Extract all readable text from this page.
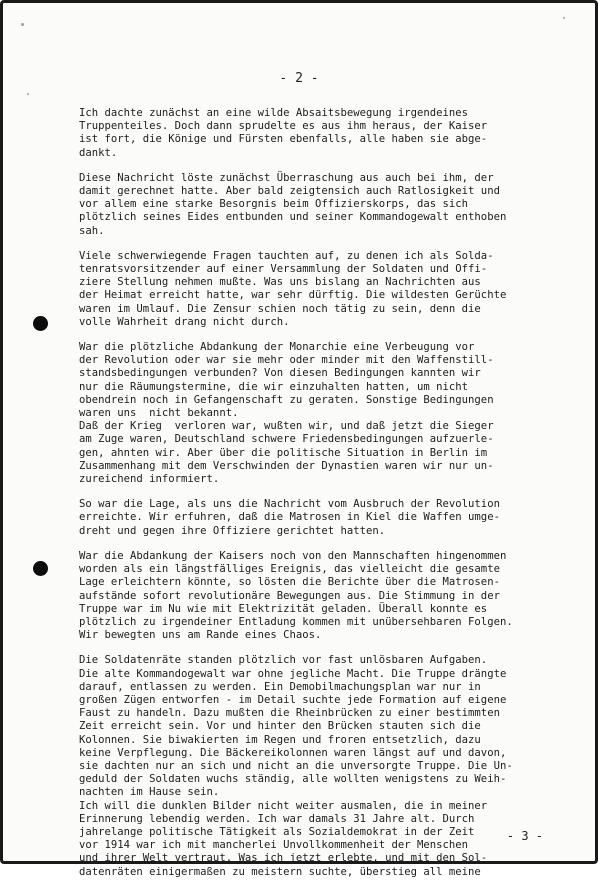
- 2 -
Ich dachte zunächst an eine wilde Absaitsbewegung irgendeines
Truppenteiles. Doch dann sprudelte es aus ihm heraus, der Kaiser
ist fort, die Könige und Fürsten ebenfalls, alle haben sie abge-
dankt.
Diese Nachricht löste zunächst Überraschung aus auch bei ihm, der
damit gerechnet hatte. Aber bald zeigtensich auch Ratlosigkeit und
vor allem eine starke Besorgnis beim Offizierskorps, das sich
plötzlich seines Eides entbunden und seiner Kommandogewalt enthoben
sah.
Viele schwerwiegende Fragen tauchten auf, zu denen ich als Solda-
tenratsvorsitzender auf einer Versammlung der Soldaten und Offi-
ziere Stellung nehmen mußte. Was uns bislang an Nachrichten aus
der Heimat erreicht hatte, war sehr dürftig. Die wildesten Gerüchte
waren im Umlauf. Die Zensur schien noch tätig zu sein, denn die
volle Wahrheit drang nicht durch.
War die plötzliche Abdankung der Monarchie eine Verbeugung vor
der Revolution oder war sie mehr oder minder mit den Waffenstill-
standsbedingungen verbunden? Von diesen Bedingungen kannten wir
nur die Räumungstermine, die wir einzuhalten hatten, um nicht
obendrein noch in Gefangenschaft zu geraten. Sonstige Bedingungen
waren uns  nicht bekannt.
Daß der Krieg  verloren war, wußten wir, und daß jetzt die Sieger
am Zuge waren, Deutschland schwere Friedensbedingungen aufzuerle-
gen, ahnten wir. Aber über die politische Situation in Berlin im
Zusammenhang mit dem Verschwinden der Dynastien waren wir nur un-
zureichend informiert.
So war die Lage, als uns die Nachricht vom Ausbruch der Revolution
erreichte. Wir erfuhren, daß die Matrosen in Kiel die Waffen umge-
dreht und gegen ihre Offiziere gerichtet hatten.
War die Abdankung der Kaisers noch von den Mannschaften hingenommen
worden als ein längstfälliges Ereignis, das vielleicht die gesamte
Lage erleichtern könnte, so lösten die Berichte über die Matrosen-
aufstände sofort revolutionäre Bewegungen aus. Die Stimmung in der
Truppe war im Nu wie mit Elektrizität geladen. Überall konnte es
plötzlich zu irgendeiner Entladung kommen mit unübersehbaren Folgen.
Wir bewegten uns am Rande eines Chaos.
Die Soldatenräte standen plötzlich vor fast unlösbaren Aufgaben.
Die alte Kommandogewalt war ohne jegliche Macht. Die Truppe drängte
darauf, entlassen zu werden. Ein Demobilmachungsplan war nur in
großen Zügen entworfen - im Detail suchte jede Formation auf eigene
Faust zu handeln. Dazu mußten die Rheinbrücken zu einer bestimmten
Zeit erreicht sein. Vor und hinter den Brücken stauten sich die
Kolonnen. Sie biwakierten im Regen und froren entsetzlich, dazu
keine Verpflegung. Die Bäckereikolonnen waren längst auf und davon,
sie dachten nur an sich und nicht an die unversorgte Truppe. Die Un-
geduld der Soldaten wuchs ständig, alle wollten wenigstens zu Weih-
nachten im Hause sein.
Ich will die dunklen Bilder nicht weiter ausmalen, die in meiner
Erinnerung lebendig werden. Ich war damals 31 Jahre alt. Durch
jahrelange politische Tätigkeit als Sozialdemokrat in der Zeit
vor 1914 war ich mit mancherlei Unvollkommenheit der Menschen
und ihrer Welt vertraut. Was ich jetzt erlebte, und mit den Sol-
datenräten einigermaßen zu meistern suchte, überstieg all meine
- 3 -
